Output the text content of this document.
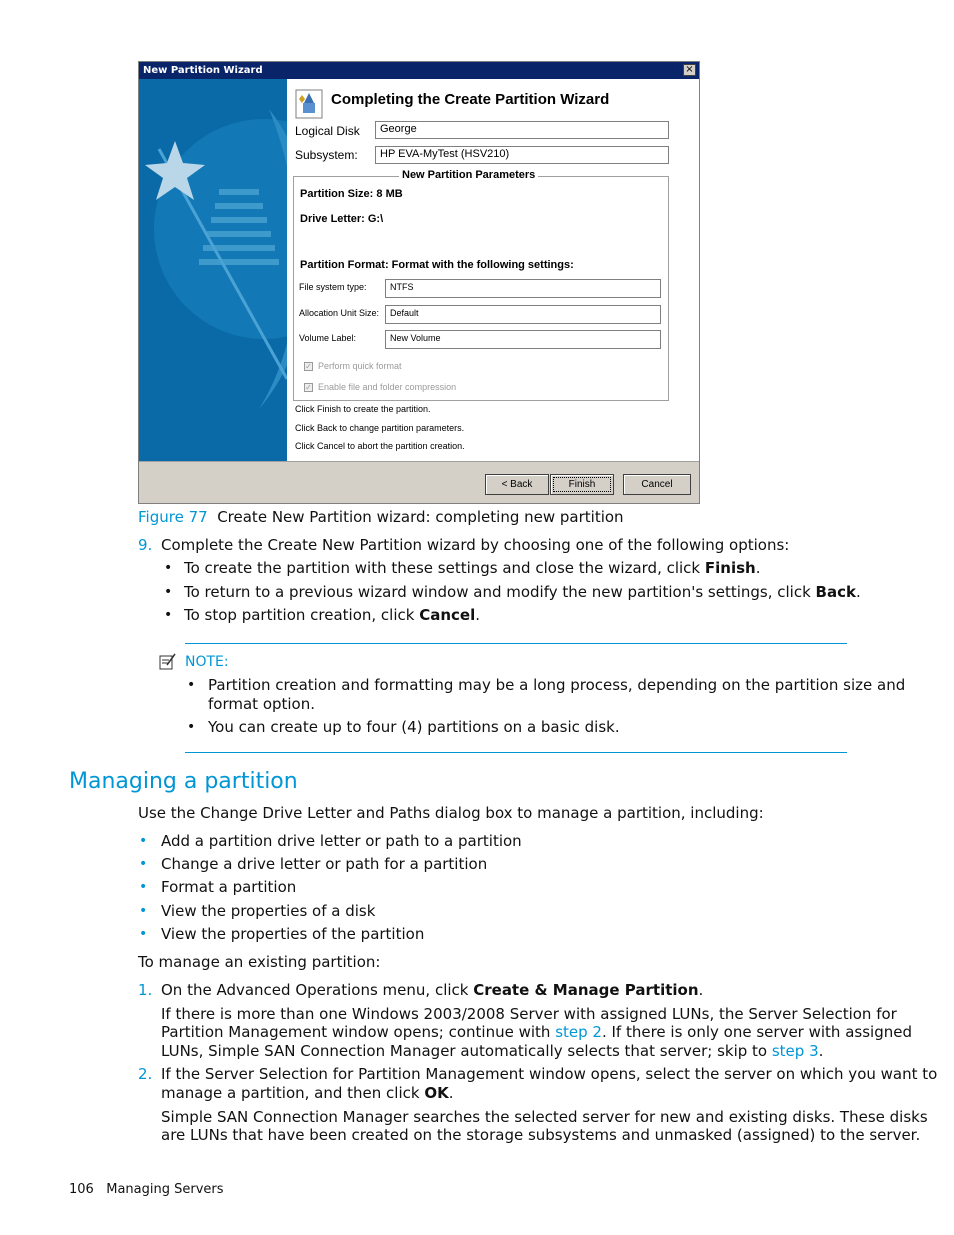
New Partition Wizard	×
Completing the Create Partition Wizard
Logical Disk	George
Subsystem:	HP EVA-MyTest (HSV210)
New Partition Parameters
Partition Size: 8 MB
Drive Letter: G:\
Partition Format: Format with the following settings:
File system type:	NTFS
Allocation Unit Size:	Default
Volume Label:	New Volume
✓ Perform quick format
✓ Enable file and folder compression
Click Finish to create the partition.
Click Back to change partition parameters.
Click Cancel to abort the partition creation.
< Back	Finish	Cancel
Figure 77 Create New Partition wizard: completing new partition
9. Complete the Create New Partition wizard by choosing one of the following options:
• To create the partition with these settings and close the wizard, click Finish.
• To return to a previous wizard window and modify the new partition's settings, click Back.
• To stop partition creation, click Cancel.
NOTE:
• Partition creation and formatting may be a long process, depending on the partition size and
format option.
• You can create up to four (4) partitions on a basic disk.
Managing a partition
Use the Change Drive Letter and Paths dialog box to manage a partition, including:
• Add a partition drive letter or path to a partition
• Change a drive letter or path for a partition
• Format a partition
• View the properties of a disk
• View the properties of the partition
To manage an existing partition:
1. On the Advanced Operations menu, click Create & Manage Partition.
If there is more than one Windows 2003/2008 Server with assigned LUNs, the Server Selection for
Partition Management window opens; continue with step 2. If there is only one server with assigned
LUNs, Simple SAN Connection Manager automatically selects that server; skip to step 3.
2. If the Server Selection for Partition Management window opens, select the server on which you want to
manage a partition, and then click OK.
Simple SAN Connection Manager searches the selected server for new and existing disks. These disks
are LUNs that have been created on the storage subsystems and unmasked (assigned) to the server.
106 Managing Servers
